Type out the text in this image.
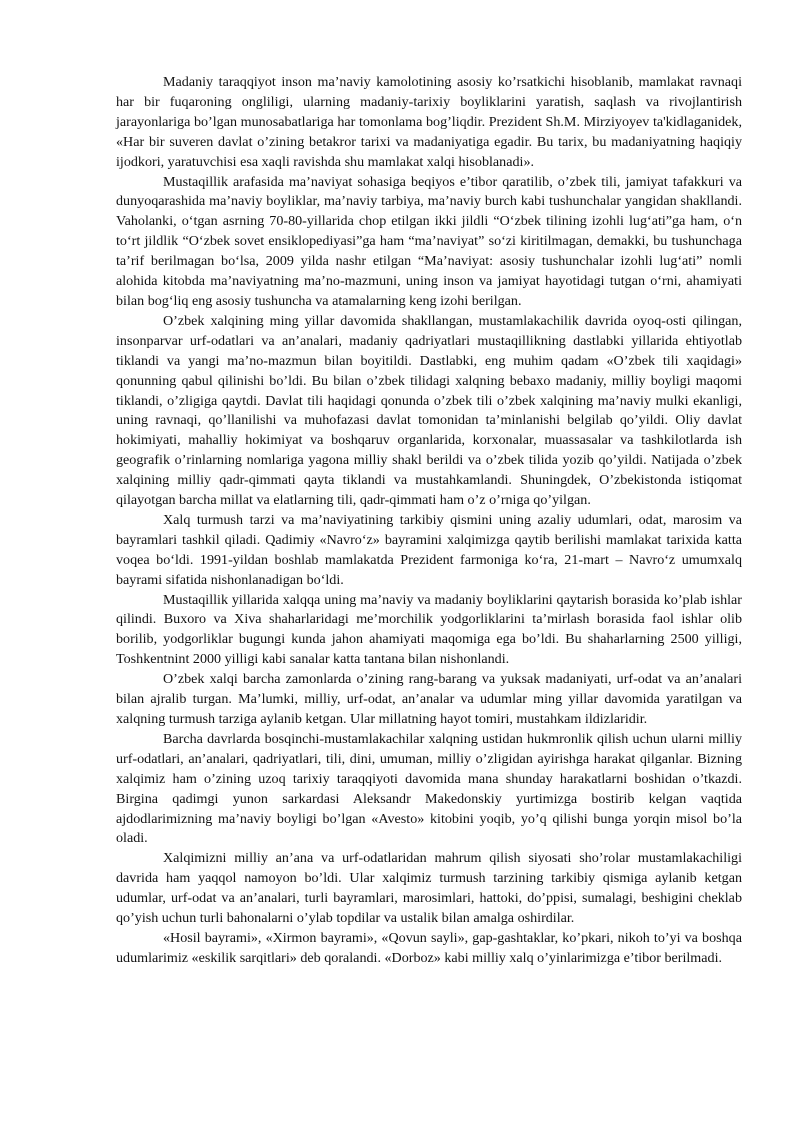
Madaniy taraqqiyot inson ma’naviy kamolotining asosiy ko’rsatkichi hisoblanib, mamlakat ravnaqi har bir fuqaroning ongliligi, ularning madaniy-tarixiy boyliklarini yaratish, saqlash va rivojlantirish jarayonlariga bo’lgan munosabatlariga har tomonlama bog’liqdir. Prezident Sh.M. Mirziyoyev ta'kidlaganidek, «Har bir suveren davlat o’zining betakror tarixi va madaniyatiga egadir. Bu tarix, bu madaniyatning haqiqiy ijodkori, yaratuvchisi esa xaqli ravishda shu mamlakat xalqi hisoblanadi».

Mustaqillik arafasida ma’naviyat sohasiga beqiyos e’tibor qaratilib, o’zbek tili, jamiyat tafakkuri va dunyoqarashida ma’naviy boyliklar, ma’naviy tarbiya, ma’naviy burch kabi tushunchalar yangidan shakllandi. Vaholanki, o‘tgan asrning 70-80-yillarida chop etilgan ikki jildli “O‘zbek tilining izohli lug‘ati”ga ham, o‘n to‘rt jildlik “O‘zbek sovet ensiklopediyasi”ga ham “ma’naviyat” so‘zi kiritilmagan, demakki, bu tushunchaga ta’rif berilmagan bo‘lsa, 2009 yilda nashr etilgan “Ma’naviyat: asosiy tushunchalar izohli lug‘ati” nomli alohida kitobda ma’naviyatning ma’no-mazmuni, uning inson va jamiyat hayotidagi tutgan o‘rni, ahamiyati bilan bog‘liq eng asosiy tushuncha va atamalarning keng izohi berilgan.

O’zbek xalqining ming yillar davomida shakllangan, mustamlakachilik davrida oyoq-osti qilingan, insonparvar urf-odatlari va an’analari, madaniy qadriyatlari mustaqillikning dastlabki yillarida ehtiyotlab tiklandi va yangi ma’no-mazmun bilan boyitildi. Dastlabki, eng muhim qadam «O’zbek tili xaqidagi» qonunning qabul qilinishi bo’ldi. Bu bilan o’zbek tilidagi xalqning bebaxo madaniy, milliy boyligi maqomi tiklandi, o’zligiga qaytdi. Davlat tili haqidagi qonunda o’zbek tili o’zbek xalqining ma’naviy mulki ekanligi, uning ravnaqi, qo’llanilishi va muhofazasi davlat tomonidan ta’minlanishi belgilab qo’yildi. Oliy davlat hokimiyati, mahalliy hokimiyat va boshqaruv organlarida, korxonalar, muassasalar va tashkilotlarda ish geografik o’rinlarning nomlariga yagona milliy shakl berildi va o’zbek tilida yozib qo’yildi. Natijada o’zbek xalqining milliy qadr-qimmati qayta tiklandi va mustahkamlandi. Shuningdek, O’zbekistonda istiqomat qilayotgan barcha millat va elatlarning tili, qadr-qimmati ham o’z o’rniga qo’yilgan.

Xalq turmush tarzi va ma’naviyatining tarkibiy qismini uning azaliy udumlari, odat, marosim va bayramlari tashkil qiladi. Qadimiy «Navro‘z» bayramini xalqimizga qaytib berilishi mamlakat tarixida katta voqea bo‘ldi. 1991-yildan boshlab mamlakatda Prezident farmoniga ko‘ra, 21-mart – Navro‘z umumxalq bayrami sifatida nishonlanadigan bo‘ldi.

Mustaqillik yillarida xalqqa uning ma’naviy va madaniy boyliklarini qaytarish borasida ko’plab ishlar qilindi. Buxoro va Xiva shaharlaridagi me’morchilik yodgorliklarini ta’mirlash borasida faol ishlar olib borilib, yodgorliklar bugungi kunda jahon ahamiyati maqomiga ega bo’ldi. Bu shaharlarning 2500 yilligi, Toshkentnint 2000 yilligi kabi sanalar katta tantana bilan nishonlandi.

O’zbek xalqi barcha zamonlarda o’zining rang-barang va yuksak madaniyati, urf-odat va an’analari bilan ajralib turgan. Ma’lumki, milliy, urf-odat, an’analar va udumlar ming yillar davomida yaratilgan va xalqning turmush tarziga aylanib ketgan. Ular millatning hayot tomiri, mustahkam ildizlaridir.

Barcha davrlarda bosqinchi-mustamlakachilar xalqning ustidan hukmronlik qilish uchun ularni milliy urf-odatlari, an’analari, qadriyatlari, tili, dini, umuman, milliy o’zligidan ayirishga harakat qilganlar. Bizning xalqimiz ham o’zining uzoq tarixiy taraqqiyoti davomida mana shunday harakatlarni boshidan o’tkazdi. Birgina qadimgi yunon sarkardasi Aleksandr Makedonskiy yurtimizga bostirib kelgan vaqtida ajdodlarimizning ma’naviy boyligi bo’lgan «Avesto» kitobini yoqib, yo’q qilishi bunga yorqin misol bo’la oladi.

Xalqimizni milliy an’ana va urf-odatlaridan mahrum qilish siyosati sho’rolar mustamlakachiligi davrida ham yaqqol namoyon bo’ldi. Ular xalqimiz turmush tarzining tarkibiy qismiga aylanib ketgan udumlar, urf-odat va an’analari, turli bayramlari, marosimlari, hattoki, do’ppisi, sumalagi, beshigini cheklab qo’yish uchun turli bahonalarni o’ylab topdilar va ustalik bilan amalga oshirdilar.

«Hosil bayrami», «Xirmon bayrami», «Qovun sayli», gap-gashtaklar, ko’pkari, nikoh to’yi va boshqa udumlarimiz «eskilik sarqitlari» deb qoralandi. «Dorboz» kabi milliy xalq o’yinlarimizga e’tibor berilmadi.
